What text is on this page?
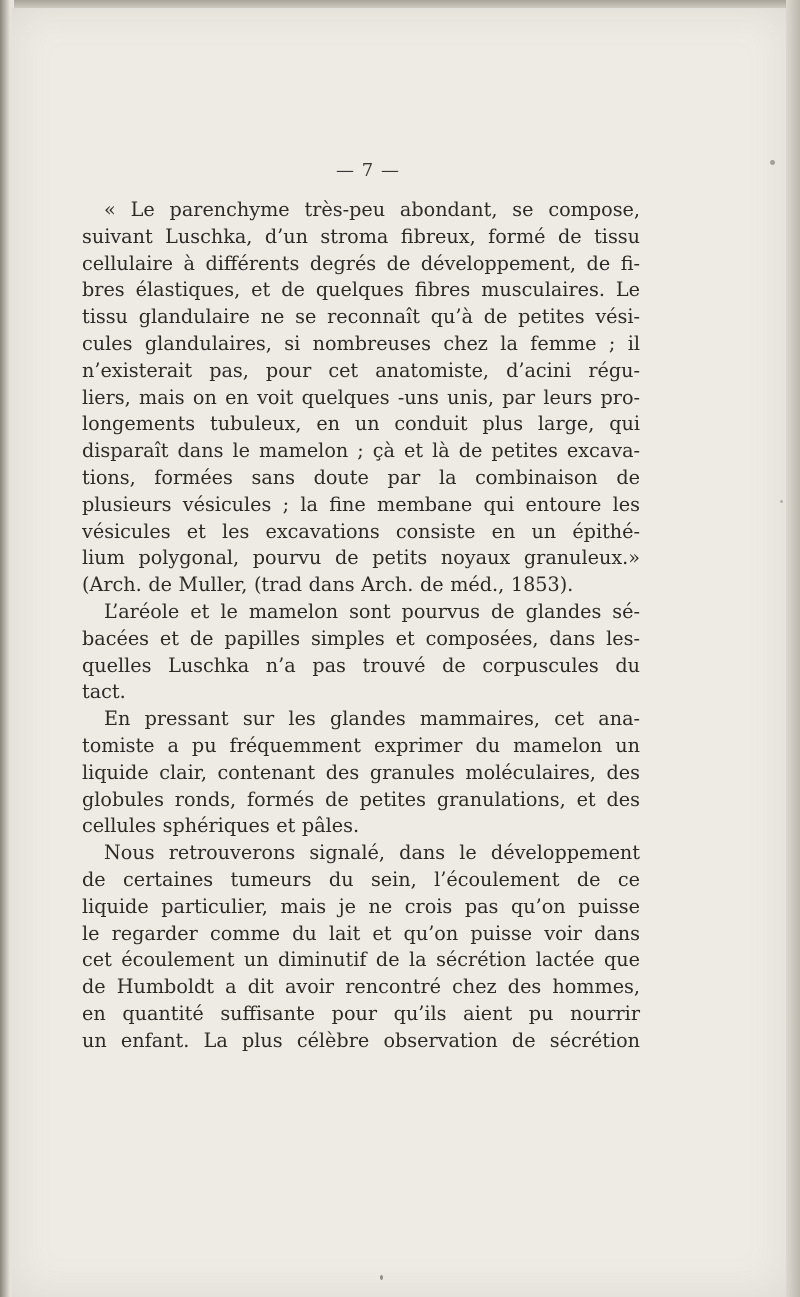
— 7 —
« Le parenchyme très-peu abondant, se compose,
suivant Luschka, d’un stroma fibreux, formé de tissu
cellulaire à différents degrés de développement, de fi-
bres élastiques, et de quelques fibres musculaires. Le
tissu glandulaire ne se reconnaît qu’à de petites vési-
cules glandulaires, si nombreuses chez la femme ; il
n’existerait pas, pour cet anatomiste, d’acini régu-
liers, mais on en voit quelques -uns unis, par leurs pro-
longements tubuleux, en un conduit plus large, qui
disparaît dans le mamelon ; çà et là de petites excava-
tions, formées sans doute par la combinaison de
plusieurs vésicules ; la fine membane qui entoure les
vésicules et les excavations consiste en un épithé-
lium polygonal, pourvu de petits noyaux granuleux.»
(Arch. de Muller, (trad dans Arch. de méd., 1853).
L’aréole et le mamelon sont pourvus de glandes sé-
bacées et de papilles simples et composées, dans les-
quelles Luschka n’a pas trouvé de corpuscules du
tact.
En pressant sur les glandes mammaires, cet ana-
tomiste a pu fréquemment exprimer du mamelon un
liquide clair, contenant des granules moléculaires, des
globules ronds, formés de petites granulations, et des
cellules sphériques et pâles.
Nous retrouverons signalé, dans le développement
de certaines tumeurs du sein, l’écoulement de ce
liquide particulier, mais je ne crois pas qu’on puisse
le regarder comme du lait et qu’on puisse voir dans
cet écoulement un diminutif de la sécrétion lactée que
de Humboldt a dit avoir rencontré chez des hommes,
en quantité suffisante pour qu’ils aient pu nourrir
un enfant. La plus célèbre observation de sécrétion
